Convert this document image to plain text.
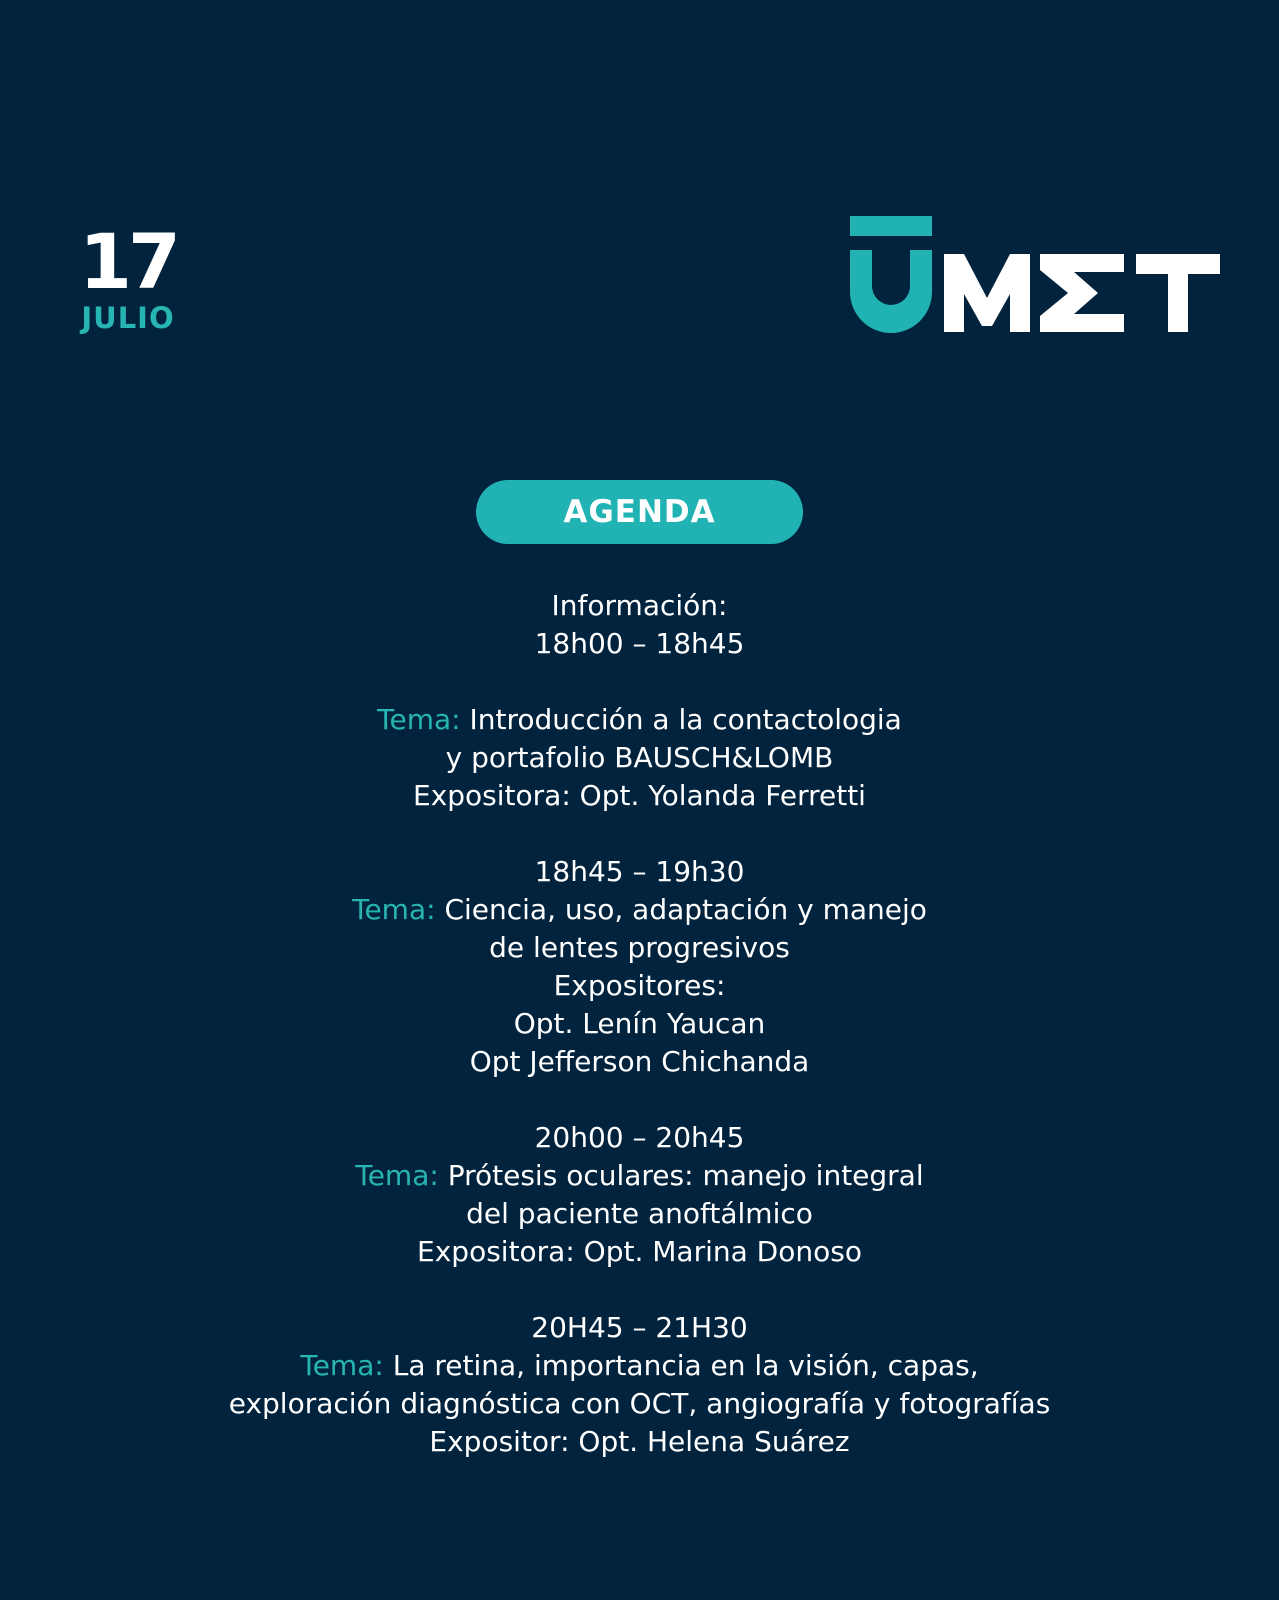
17
JULIO
AGENDA
Información:
18h00 – 18h45
Tema: Introducción a la contactologia
y portafolio BAUSCH&LOMB
Expositora: Opt. Yolanda Ferretti
18h45 – 19h30
Tema: Ciencia, uso, adaptación y manejo
de lentes progresivos
Expositores:
Opt. Lenín Yaucan
Opt Jefferson Chichanda
20h00 – 20h45
Tema: Prótesis oculares: manejo integral
del paciente anoftálmico
Expositora: Opt. Marina Donoso
20H45 – 21H30
Tema: La retina, importancia en la visión, capas,
exploración diagnóstica con OCT, angiografía y fotografías
Expositor: Opt. Helena Suárez
